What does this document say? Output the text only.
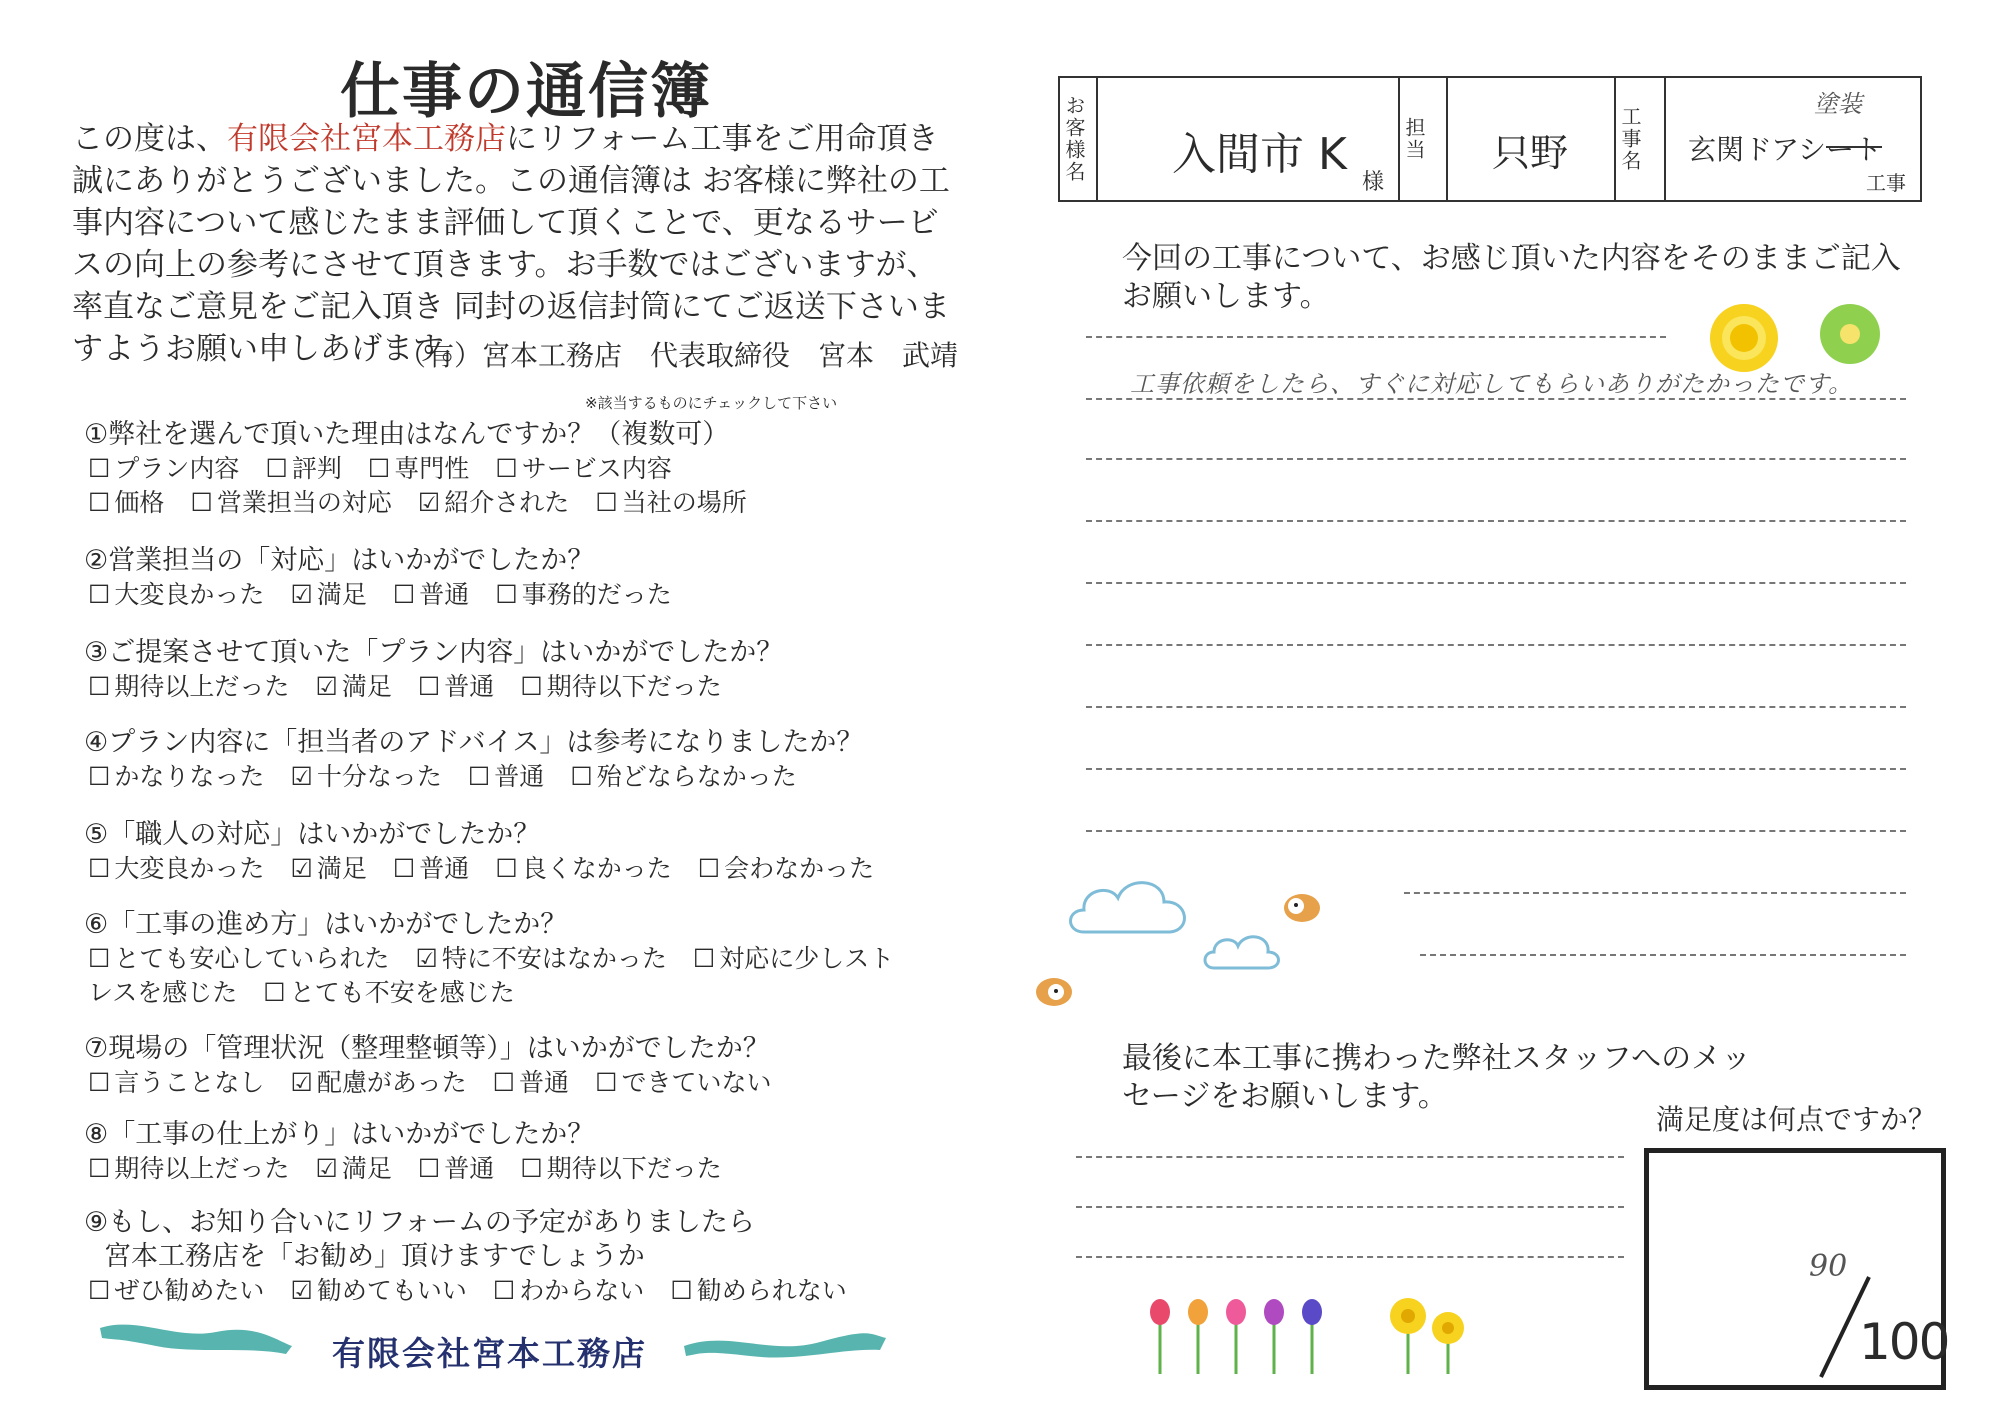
仕事の通信簿
この度は、有限会社宮本工務店にリフォーム工事をご用命頂き誠にありがとうございました。この通信簿は お客様に弊社の工事内容について感じたまま評価して頂くことで、更なるサービスの向上の参考にさせて頂きます。お手数ではございますが、率直なご意見をご記入頂き 同封の返信封筒にてご返送下さいますようお願い申しあげます。
（有）宮本工務店　代表取締役　宮本　武靖
※該当するものにチェックして下さい
①弊社を選んで頂いた理由はなんですか？（複数可）
☐ プラン内容 ☐ 評判 ☐ 専門性 ☐ サービス内容
☐ 価格 ☐ 営業担当の対応 ☑ 紹介された ☐ 当社の場所
②営業担当の「対応」はいかがでしたか？
☐ 大変良かった ☑ 満足 ☐ 普通 ☐ 事務的だった
③ご提案させて頂いた「プラン内容」はいかがでしたか？
☐ 期待以上だった ☑ 満足 ☐ 普通 ☐ 期待以下だった
④プラン内容に「担当者のアドバイス」は参考になりましたか？
☐ かなりなった ☑ 十分なった ☐ 普通 ☐ 殆どならなかった
⑤「職人の対応」はいかがでしたか？
☐ 大変良かった ☑ 満足 ☐ 普通 ☐ 良くなかった ☐ 会わなかった
⑥「工事の進め方」はいかがでしたか？
☐ とても安心していられた ☑ 特に不安はなかった ☐ 対応に少しスト
レスを感じた ☐ とても不安を感じた
⑦現場の「管理状況（整理整頓等）」はいかがでしたか？
☐ 言うことなし ☑ 配慮があった ☐ 普通 ☐ できていない
⑧「工事の仕上がり」はいかがでしたか？
☐ 期待以上だった ☑ 満足 ☐ 普通 ☐ 期待以下だった
⑨もし、お知り合いにリフォームの予定がありましたら
宮本工務店を「お勧め」頂けますでしょうか
☐ ぜひ勧めたい ☑ 勧めてもいい ☐ わからない ☐ 勧められない
有限会社宮本工務店
お客様名 入間市 K
様
担当 只野 工事名
塗装
玄関ドアシート
工事
今回の工事について、お感じ頂いた内容をそのままご記入お願いします。
工事依頼をしたら、すぐに対応してもらいありがたかったです。
最後に本工事に携わった弊社スタッフへのメッセージをお願いします。
満足度は何点ですか？
90
100
